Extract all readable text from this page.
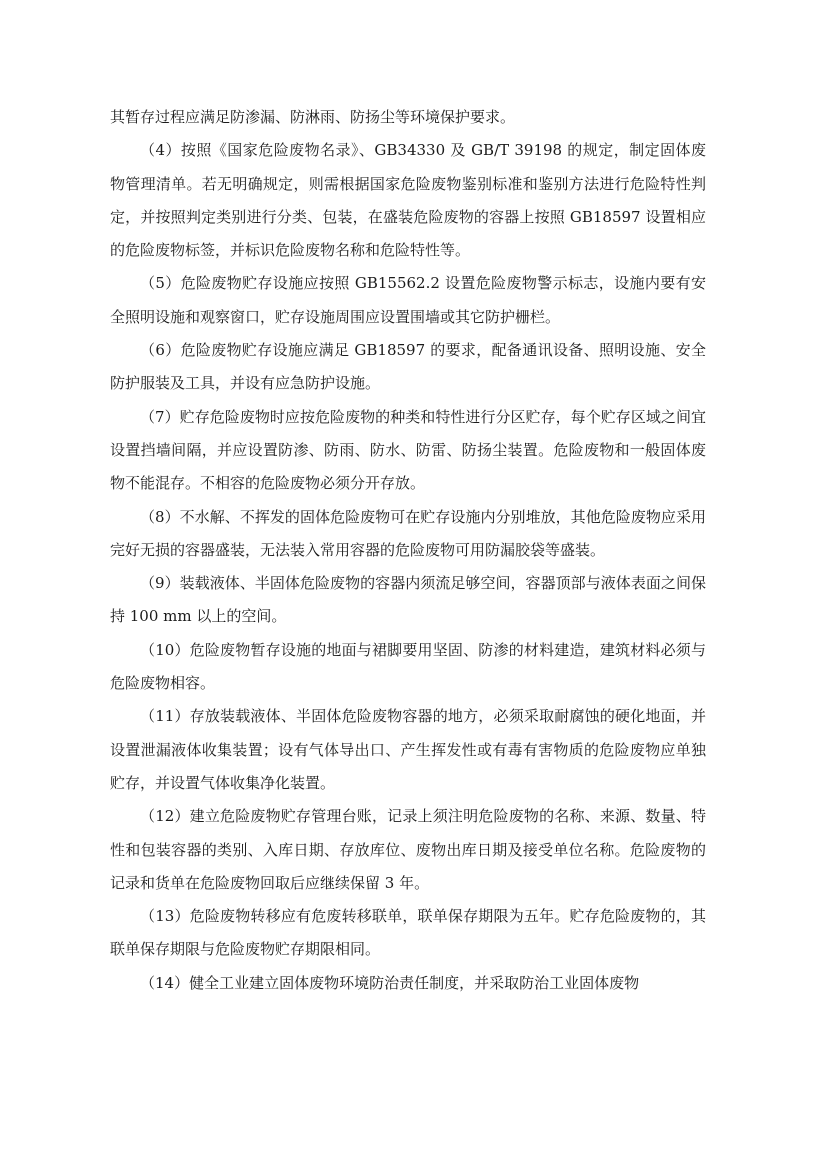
其暂存过程应满足防渗漏、防淋雨、防扬尘等环境保护要求。

（4）按照《国家危险废物名录》、GB34330 及 GB/T 39198 的规定，制定固体废物管理清单。若无明确规定，则需根据国家危险废物鉴别标准和鉴别方法进行危险特性判定，并按照判定类别进行分类、包装，在盛装危险废物的容器上按照 GB18597 设置相应的危险废物标签，并标识危险废物名称和危险特性等。

（5）危险废物贮存设施应按照 GB15562.2 设置危险废物警示标志，设施内要有安全照明设施和观察窗口，贮存设施周围应设置围墙或其它防护栅栏。

（6）危险废物贮存设施应满足 GB18597 的要求，配备通讯设备、照明设施、安全防护服装及工具，并设有应急防护设施。

（7）贮存危险废物时应按危险废物的种类和特性进行分区贮存，每个贮存区域之间宜设置挡墙间隔，并应设置防渗、防雨、防水、防雷、防扬尘装置。危险废物和一般固体废物不能混存。不相容的危险废物必须分开存放。

（8）不水解、不挥发的固体危险废物可在贮存设施内分别堆放，其他危险废物应采用完好无损的容器盛装，无法装入常用容器的危险废物可用防漏胶袋等盛装。

（9）装载液体、半固体危险废物的容器内须流足够空间，容器顶部与液体表面之间保持 100 mm 以上的空间。

（10）危险废物暂存设施的地面与裙脚要用坚固、防渗的材料建造，建筑材料必须与危险废物相容。

（11）存放装载液体、半固体危险废物容器的地方，必须采取耐腐蚀的硬化地面，并设置泄漏液体收集装置；设有气体导出口、产生挥发性或有毒有害物质的危险废物应单独贮存，并设置气体收集净化装置。

（12）建立危险废物贮存管理台账，记录上须注明危险废物的名称、来源、数量、特性和包装容器的类别、入库日期、存放库位、废物出库日期及接受单位名称。危险废物的记录和货单在危险废物回取后应继续保留 3 年。

（13）危险废物转移应有危废转移联单，联单保存期限为五年。贮存危险废物的，其联单保存期限与危险废物贮存期限相同。

（14）健全工业建立固体废物环境防治责任制度，并采取防治工业固体废物
